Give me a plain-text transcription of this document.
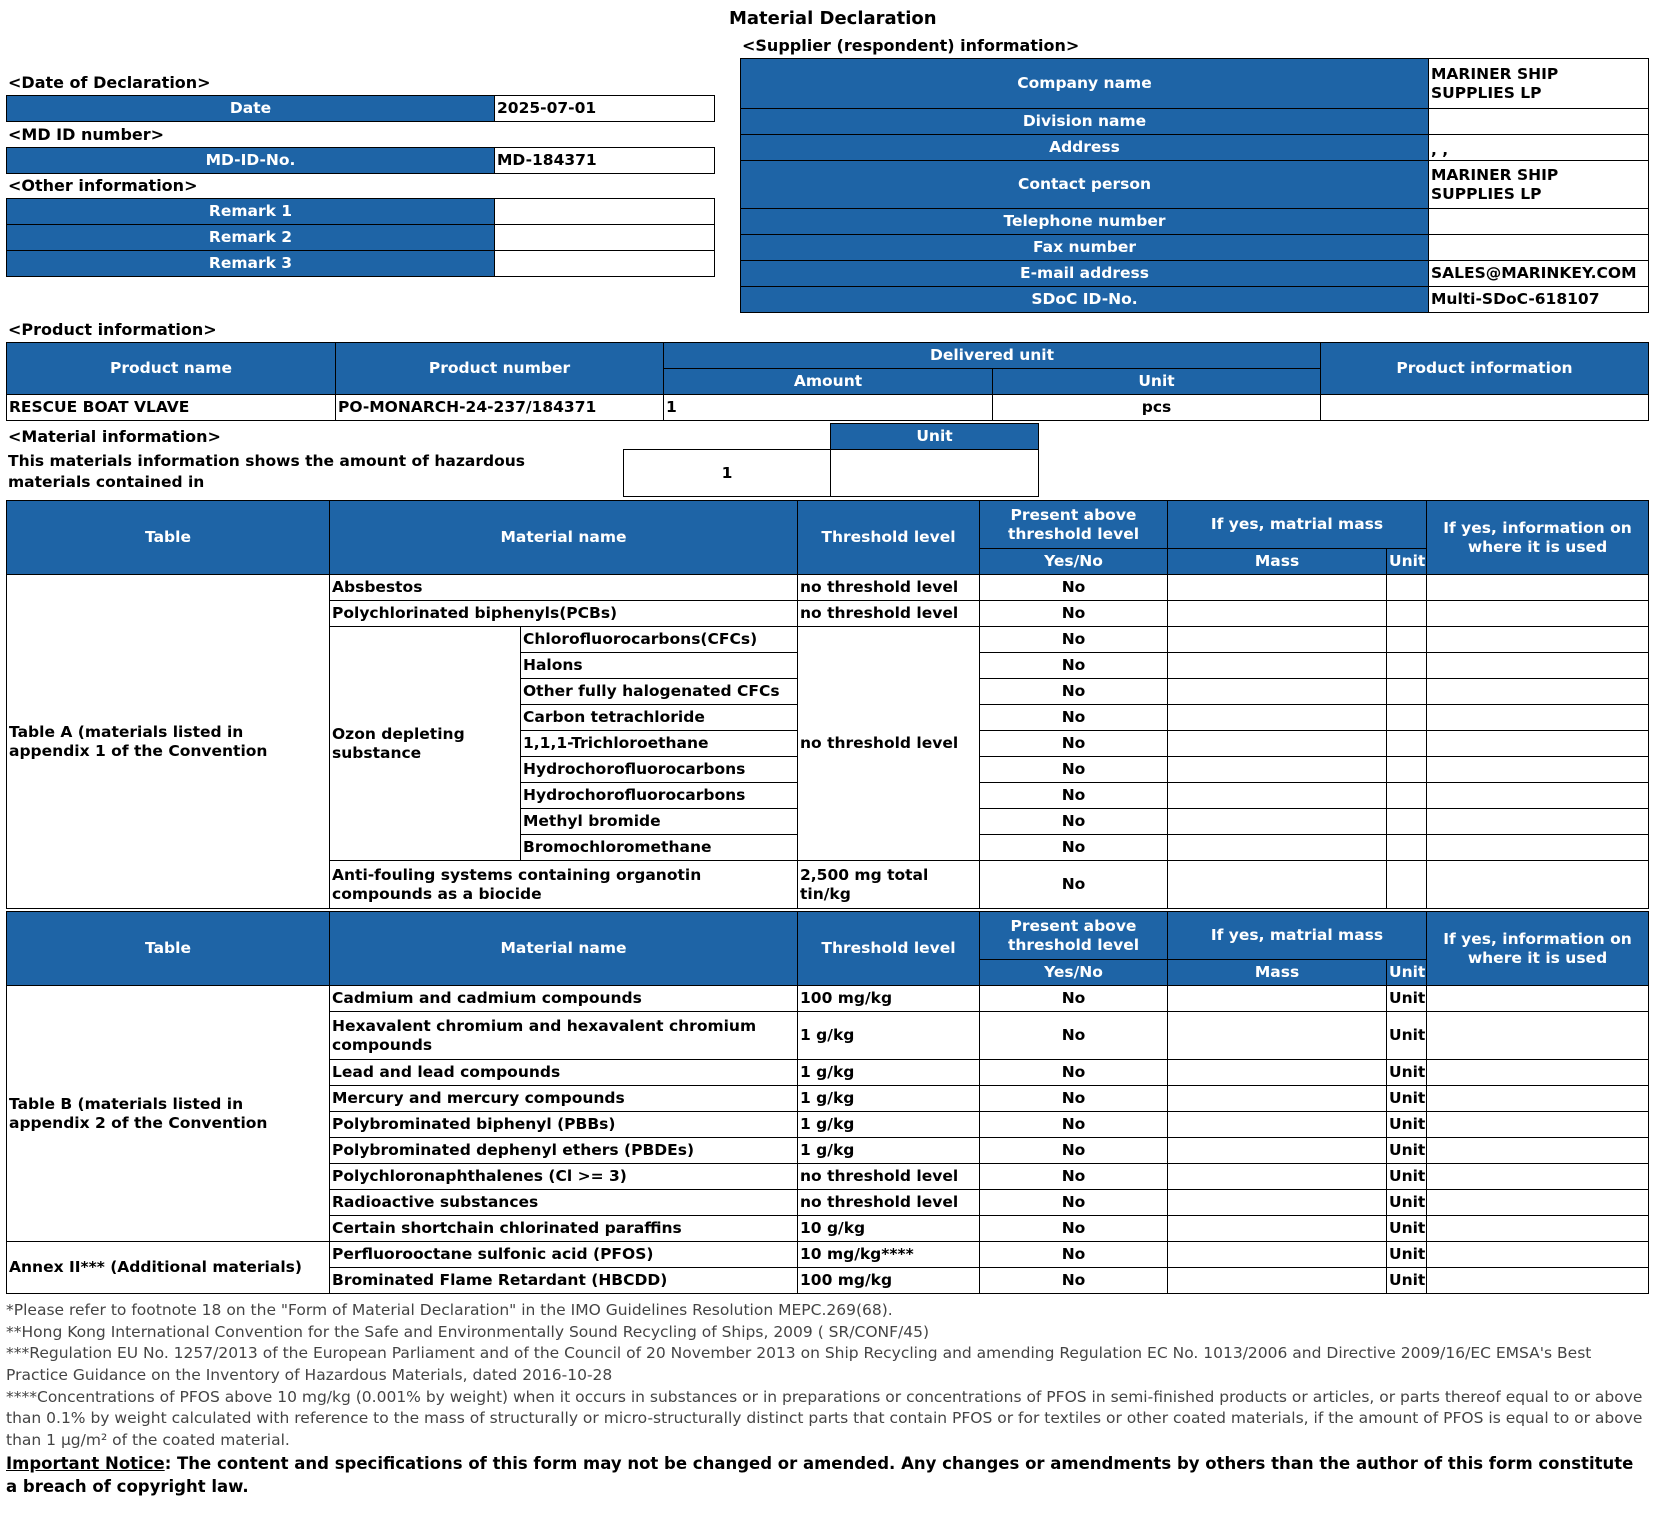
Material Declaration
<Supplier (respondent) information>
<Date of Declaration>
<MD ID number>
<Other information>
Date	2025-07-01
MD-ID-No.	MD-184371
Remark 1	
Remark 2	
Remark 3	
Company name	MARINER SHIP SUPPLIES LP
Division name	
Address	, ,
Contact person	MARINER SHIP SUPPLIES LP
Telephone number	
Fax number	
E-mail address	SALES@MARINKEY.COM
SDoC ID-No.	Multi-SDoC-618107
<Product information>
Product name	Product number	Delivered unit		Product information
		Amount	Unit	
RESCUE BOAT VLAVE	PO-MONARCH-24-237/184371	1	pcs	
<Material information>
This materials information shows the amount of hazardous materials contained in
Unit
1	
Table	Material name		Threshold level	Present above threshold level	If yes, matrial mass		If yes, information on where it is used
				Yes/No	Mass	Unit	
Table A (materials listed in appendix 1 of the Convention	Absbestos		no threshold level	No			
	Polychlorinated biphenyls(PCBs)		no threshold level	No			
	Ozon depleting substance	Chlorofluorocarbons(CFCs)	no threshold level	No			
		Halons		No			
		Other fully halogenated CFCs		No			
		Carbon tetrachloride		No			
		1,1,1-Trichloroethane		No			
		Hydrochorofluorocarbons		No			
		Hydrochorofluorocarbons		No			
		Methyl bromide		No			
		Bromochloromethane		No			
	Anti-fouling systems containing organotin compounds as a biocide		2,500 mg total tin/kg	No			
Table	Material name	Threshold level	Present above threshold level	If yes, matrial mass		If yes, information on where it is used
			Yes/No	Mass	Unit	
Table B (materials listed in appendix 2 of the Convention	Cadmium and cadmium compounds	100 mg/kg	No		Unit	
	Hexavalent chromium and hexavalent chromium compounds	1 g/kg	No		Unit	
	Lead and lead compounds	1 g/kg	No		Unit	
	Mercury and mercury compounds	1 g/kg	No		Unit	
	Polybrominated biphenyl (PBBs)	1 g/kg	No		Unit	
	Polybrominated dephenyl ethers (PBDEs)	1 g/kg	No		Unit	
	Polychloronaphthalenes (Cl >= 3)	no threshold level	No		Unit	
	Radioactive substances	no threshold level	No		Unit	
	Certain shortchain chlorinated paraffins	10 g/kg	No		Unit	
Annex II*** (Additional materials)	Perfluorooctane sulfonic acid (PFOS)	10 mg/kg****	No		Unit	
	Brominated Flame Retardant (HBCDD)	100 mg/kg	No		Unit	
*Please refer to footnote 18 on the "Form of Material Declaration" in the IMO Guidelines Resolution MEPC.269(68).
**Hong Kong International Convention for the Safe and Environmentally Sound Recycling of Ships, 2009 ( SR/CONF/45)
***Regulation EU No. 1257/2013 of the European Parliament and of the Council of 20 November 2013 on Ship Recycling and amending Regulation EC No. 1013/2006 and Directive 2009/16/EC EMSA's Best Practice Guidance on the Inventory of Hazardous Materials, dated 2016-10-28
****Concentrations of PFOS above 10 mg/kg (0.001% by weight) when it occurs in substances or in preparations or concentrations of PFOS in semi-finished products or articles, or parts thereof equal to or above than 0.1% by weight calculated with reference to the mass of structurally or micro-structurally distinct parts that contain PFOS or for textiles or other coated materials, if the amount of PFOS is equal to or above than 1 μg/m² of the coated material.
Important Notice: The content and specifications of this form may not be changed or amended. Any changes or amendments by others than the author of this form constitute a breach of copyright law.
